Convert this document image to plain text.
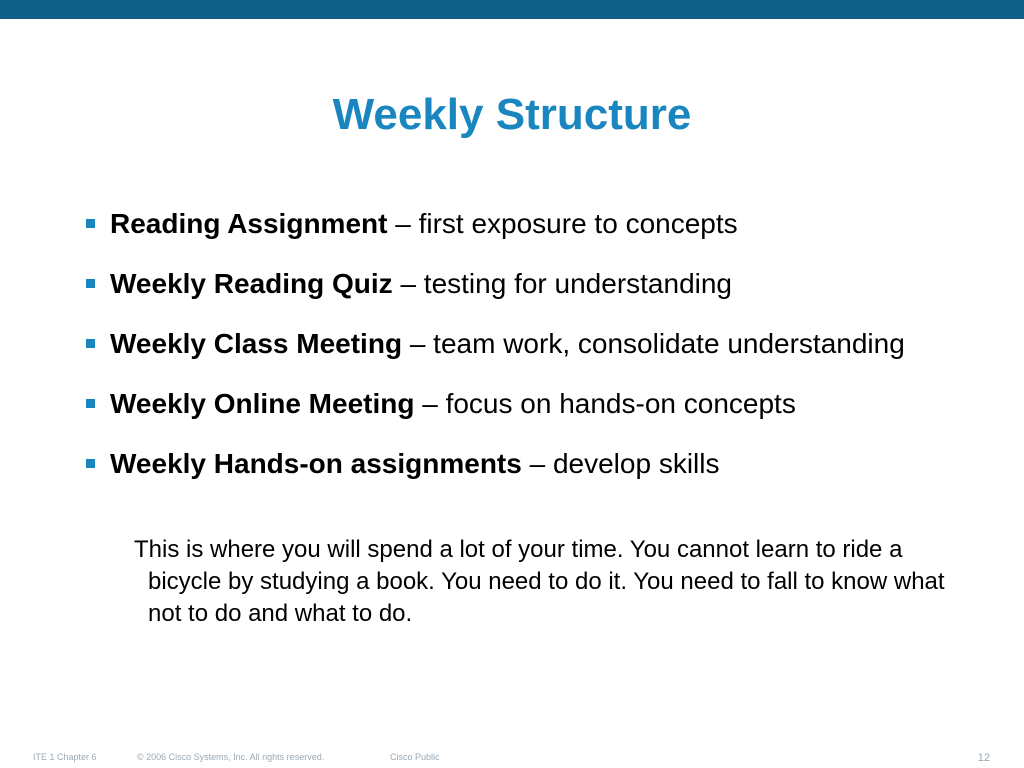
Weekly Structure
Reading Assignment – first exposure to concepts
Weekly Reading Quiz – testing for understanding
Weekly Class Meeting – team work, consolidate understanding
Weekly Online Meeting – focus on hands-on concepts
Weekly Hands-on assignments – develop skills
This is where you will spend a lot of your time. You cannot learn to ride a bicycle by studying a book. You need to do it. You need to fall to know what not to do and what to do.
ITE 1 Chapter 6	© 2006 Cisco Systems, Inc. All rights reserved.	Cisco Public	12
